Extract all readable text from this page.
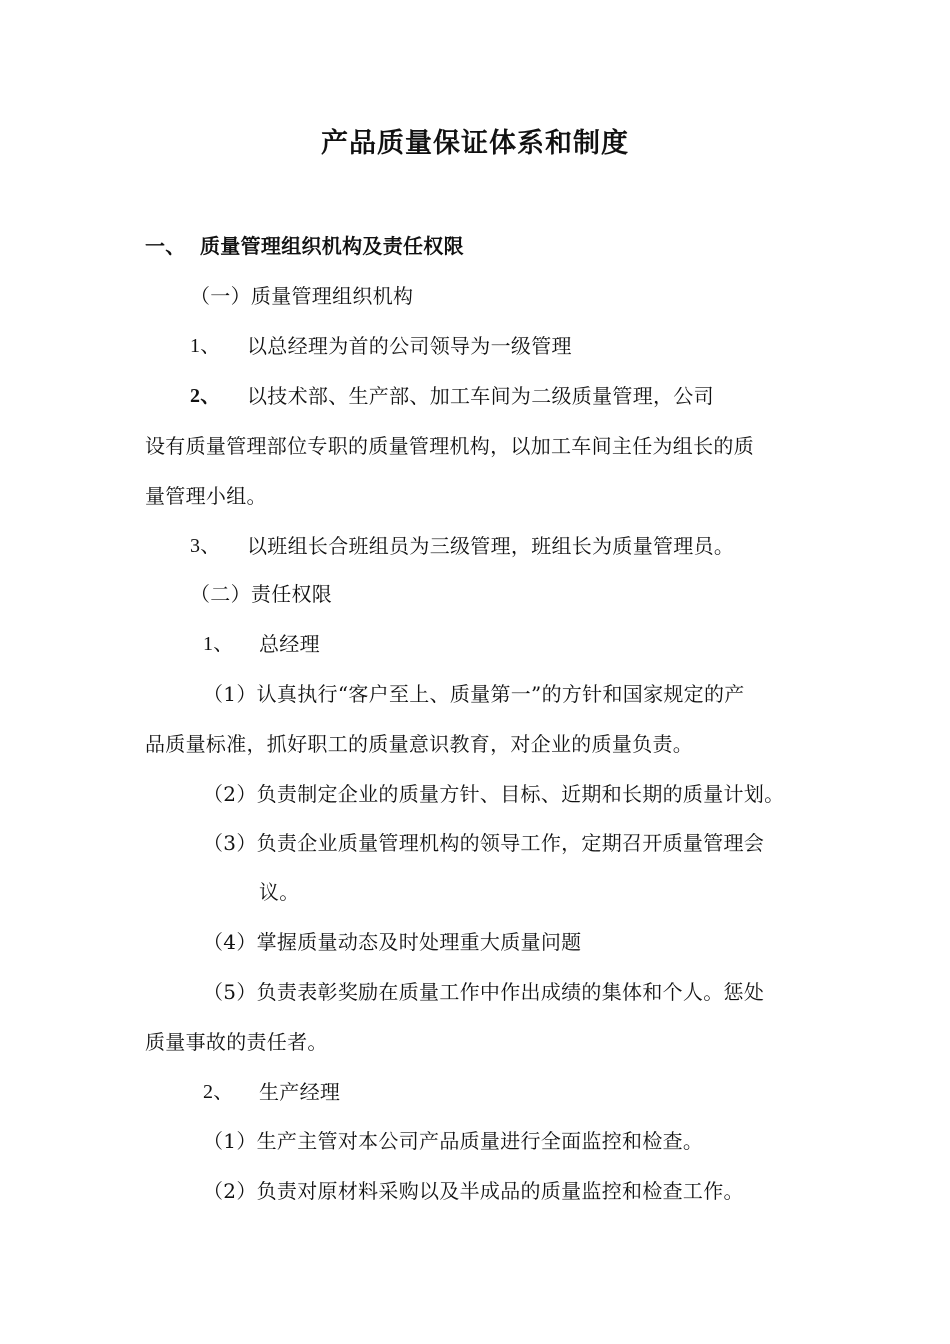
产品质量保证体系和制度
一、 质量管理组织机构及责任权限
（一）质量管理组织机构
1、 以总经理为首的公司领导为一级管理
2、 以技术部、生产部、加工车间为二级质量管理，公司
设有质量管理部位专职的质量管理机构，以加工车间主任为组长的质
量管理小组。
3、 以班组长合班组员为三级管理，班组长为质量管理员。
（二）责任权限
1、 总经理
（1）认真执行“客户至上、质量第一”的方针和国家规定的产
品质量标准，抓好职工的质量意识教育，对企业的质量负责。
（2）负责制定企业的质量方针、目标、近期和长期的质量计划。
（3）负责企业质量管理机构的领导工作，定期召开质量管理会
议。
（4）掌握质量动态及时处理重大质量问题
（5）负责表彰奖励在质量工作中作出成绩的集体和个人。惩处
质量事故的责任者。
2、 生产经理
（1）生产主管对本公司产品质量进行全面监控和检查。
（2）负责对原材料采购以及半成品的质量监控和检查工作。
